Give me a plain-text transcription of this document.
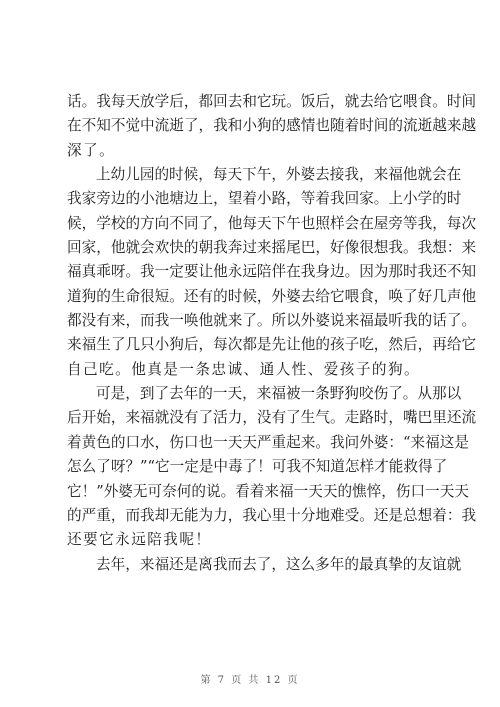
话 。 我 每 天 放 学 后 ， 都 回 去 和 它 玩 。 饭 后 ， 就 去 给 它 喂 食 。 时 间
在 不 知 不 觉 中 流 逝 了 ， 我 和 小 狗 的 感 情 也 随 着 时 间 的 流 逝 越 来 越
深 了 。
上 幼 儿 园 的 时 候 ， 每 天 下 午 ， 外 婆 去 接 我 ， 来 福 他 就 会 在
我 家 旁 边 的 小 池 塘 边 上 ， 望 着 小 路 ， 等 着 我 回 家 。 上 小 学 的 时
候 ， 学 校 的 方 向 不 同 了 ， 他 每 天 下 午 也 照 样 会 在 屋 旁 等 我 ， 每 次
回 家 ， 他 就 会 欢 快 的 朝 我 奔 过 来 摇 尾 巴 ， 好 像 很 想 我 。 我 想 ： 来
福 真 乖 呀 。 我 一 定 要 让 他 永 远 陪 伴 在 我 身 边 。 因 为 那 时 我 还 不 知
道 狗 的 生 命 很 短 。 还 有 的 时 候 ， 外 婆 去 给 它 喂 食 ， 唤 了 好 几 声 他
都 没 有 来 ， 而 我 一 唤 他 就 来 了 。 所 以 外 婆 说 来 福 最 听 我 的 话 了 。
来 福 生 了 几 只 小 狗 后 ， 每 次 都 是 先 让 他 的 孩 子 吃 ， 然 后 ， 再 给 它
自 己 吃 。 他 真 是 一 条 忠 诚 、 通 人 性 、 爱 孩 子 的 狗 。
可 是 ， 到 了 去 年 的 一 天 ， 来 福 被 一 条 野 狗 咬 伤 了 。 从 那 以
后 开 始 ， 来 福 就 没 有 了 活 力 ， 没 有 了 生 气 。 走 路 时 ， 嘴 巴 里 还 流
着 黄 色 的 口 水 ， 伤 口 也 一 天 天 严 重 起 来 。 我 问 外 婆 ： “ 来 福 这 是
怎 么 了 呀 ？ ” “ 它 一 定 是 中 毒 了 ！ 可 我 不 知 道 怎 样 才 能 救 得 了
它 ！ ” 外 婆 无 可 奈 何 的 说 。 看 着 来 福 一 天 天 的 憔 悴 ， 伤 口 一 天 天
的 严 重 ， 而 我 却 无 能 为 力 ， 我 心 里 十 分 地 难 受 。 还 是 总 想 着 ： 我
还 要 它 永 远 陪 我 呢 ！
去 年 ， 来 福 还 是 离 我 而 去 了 ， 这 么 多 年 的 最 真 挚 的 友 谊 就
第 7 页 共 12 页
